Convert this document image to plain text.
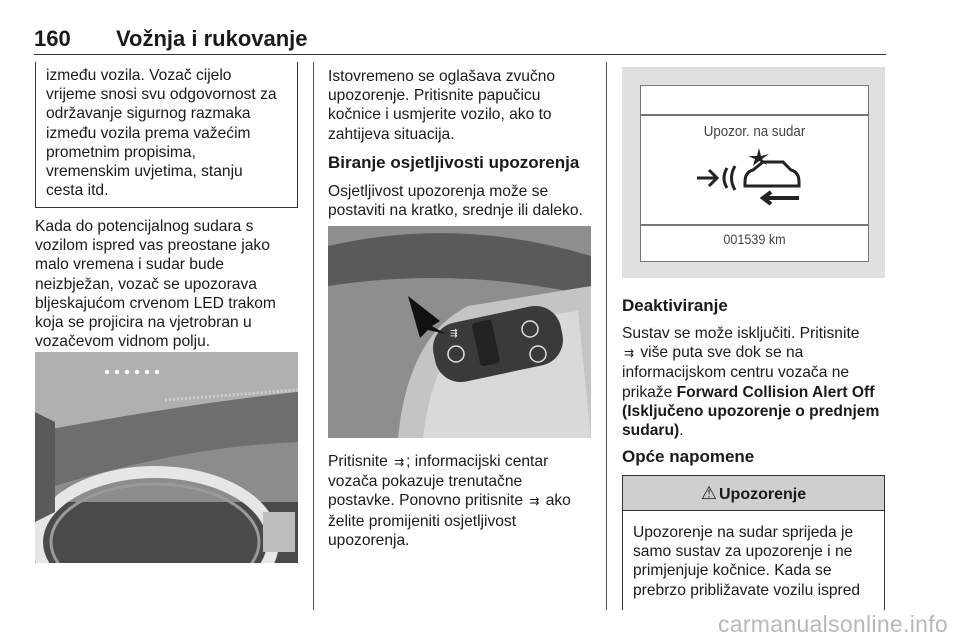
160 Vožnja i rukovanje

između vozila. Vozač cijelo

vrijeme snosi svu odgovornost za

održavanje sigurnog razmaka

između vozila prema važećim

prometnim propisima,

vremenskim uvjetima, stanju

cesta itd.

Kada do potencijalnog sudara s

vozilom ispred vas preostane jako

malo vremena i sudar bude

neizbježan, vozač se upozorava

bljeskajućom crvenom LED trakom

koja se projicira na vjetrobran u

vozačevom vidnom polju.

Istovremeno se oglašava zvučno

upozorenje. Pritisnite papučicu

kočnice i usmjerite vozilo, ako to

zahtijeva situacija.

Biranje osjetljivosti upozorenja

Osjetljivost upozorenja može se

postaviti na kratko, srednje ili daleko.

⇶

Pritisnite ⇉ ; informacijski centar

vozača pokazuje trenutačne

postavke. Ponovno pritisnite ⇉ ako

želite promijeniti osjetljivost

upozorenja.

Upozor. na sudar
001539 km
Deaktiviranje

Sustav se može isključiti. Pritisnite

⇉ više puta sve dok se na

informacijskom centru vozača ne

prikaže Forward Collision Alert Off

(Isključeno upozorenje o prednjem

sudaru).

Opće napomene
⚠ Upozorenje

Upozorenje na sudar sprijeda je

samo sustav za upozorenje i ne

primjenjuje kočnice. Kada se

prebrzo približavate vozilu ispred

carmanualsonline.info
